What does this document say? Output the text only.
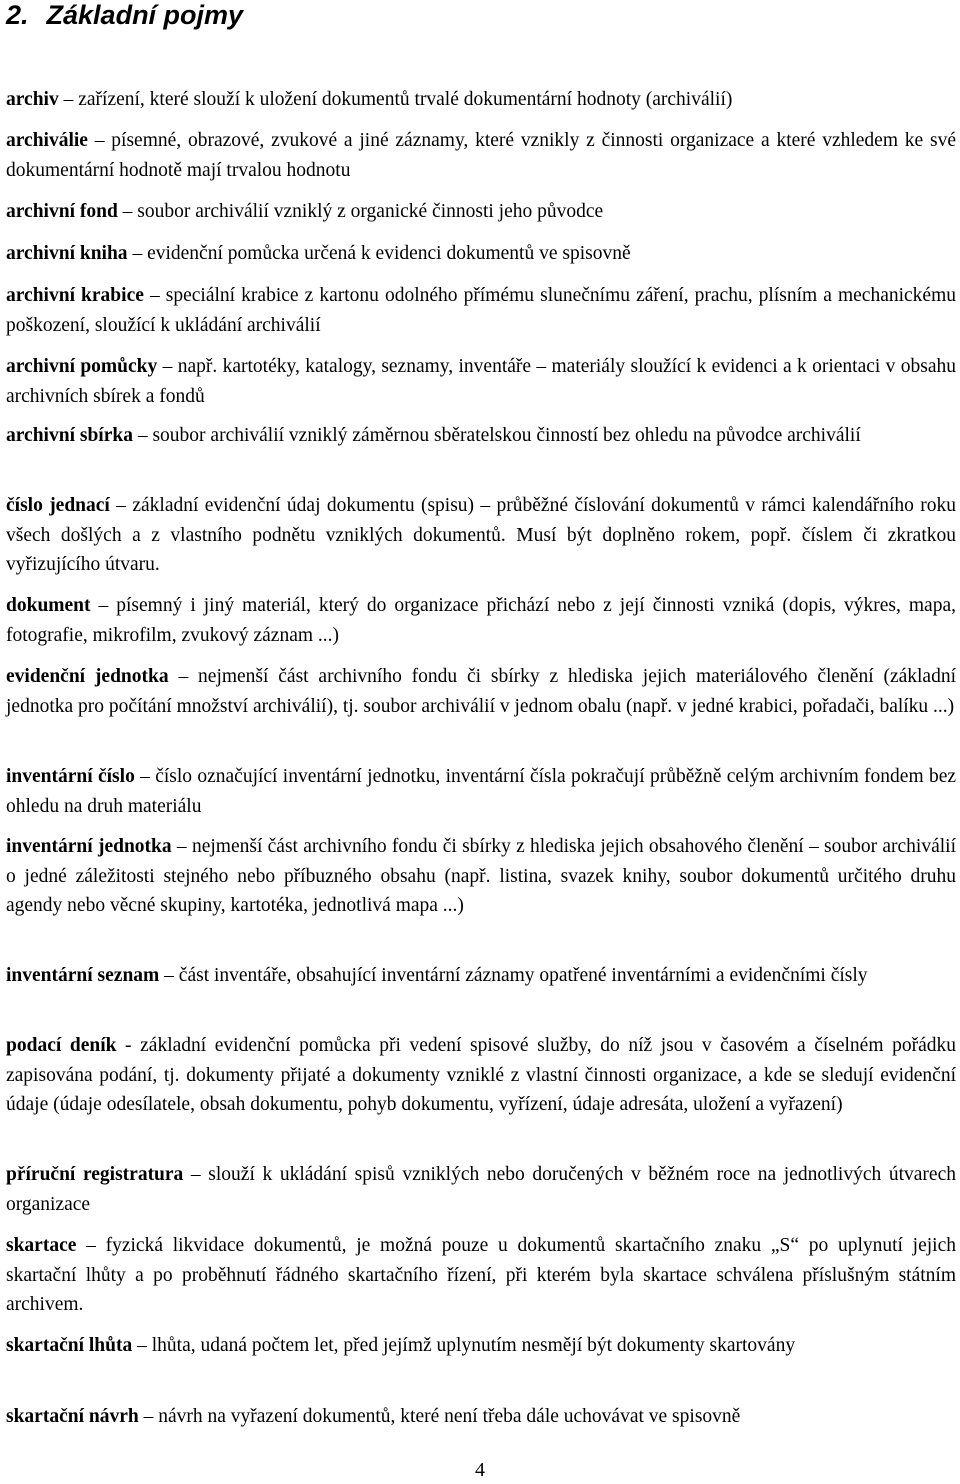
2. Základní pojmy

archiv – zařízení, které slouží k uložení dokumentů trvalé dokumentární hodnoty (archiválií)

archiválie – písemné, obrazové, zvukové a jiné záznamy, které vznikly z činnosti organizace a které vzhledem ke své dokumentární hodnotě mají trvalou hodnotu

archivní fond – soubor archiválií vzniklý z organické činnosti jeho původce

archivní kniha – evidenční pomůcka určená k evidenci dokumentů ve spisovně

archivní krabice – speciální krabice z kartonu odolného přímému slunečnímu záření, prachu, plísním a mechanickému poškození, sloužící k ukládání archiválií

archivní pomůcky – např. kartotéky, katalogy, seznamy, inventáře – materiály sloužící k evidenci a k orientaci v obsahu archivních sbírek a fondů

archivní sbírka – soubor archiválií vzniklý záměrnou sběratelskou činností bez ohledu na původce archiválií

číslo jednací – základní evidenční údaj dokumentu (spisu) – průběžné číslování dokumentů v rámci kalendářního roku všech došlých a z vlastního podnětu vzniklých dokumentů. Musí být doplněno rokem, popř. číslem či zkratkou vyřizujícího útvaru.

dokument – písemný i jiný materiál, který do organizace přichází nebo z její činnosti vzniká (dopis, výkres, mapa, fotografie, mikrofilm, zvukový záznam ...)

evidenční jednotka – nejmenší část archivního fondu či sbírky z hlediska jejich materiálového členění (základní jednotka pro počítání množství archiválií), tj. soubor archiválií v jednom obalu (např. v jedné krabici, pořadači, balíku ...)

inventární číslo – číslo označující inventární jednotku, inventární čísla pokračují průběžně celým archivním fondem bez ohledu na druh materiálu

inventární jednotka – nejmenší část archivního fondu či sbírky z hlediska jejich obsahového členění – soubor archiválií o jedné záležitosti stejného nebo příbuzného obsahu (např. listina, svazek knihy, soubor dokumentů určitého druhu agendy nebo věcné skupiny, kartotéka, jednotlivá mapa ...)

inventární seznam – část inventáře, obsahující inventární záznamy opatřené inventárními a evidenčními čísly

podací deník - základní evidenční pomůcka při vedení spisové služby, do níž jsou v časovém a číselném pořádku zapisována podání, tj. dokumenty přijaté a dokumenty vzniklé z vlastní činnosti organizace, a kde se sledují evidenční údaje (údaje odesílatele, obsah dokumentu, pohyb dokumentu, vyřízení, údaje adresáta, uložení a vyřazení)

příruční registratura – slouží k ukládání spisů vzniklých nebo doručených v běžném roce na jednotlivých útvarech organizace

skartace – fyzická likvidace dokumentů, je možná pouze u dokumentů skartačního znaku „S“ po uplynutí jejich skartační lhůty a po proběhnutí řádného skartačního řízení, při kterém byla skartace schválena příslušným státním archivem.

skartační lhůta – lhůta, udaná počtem let, před jejímž uplynutím nesmějí být dokumenty skartovány

skartační návrh – návrh na vyřazení dokumentů, které není třeba dále uchovávat ve spisovně

4
